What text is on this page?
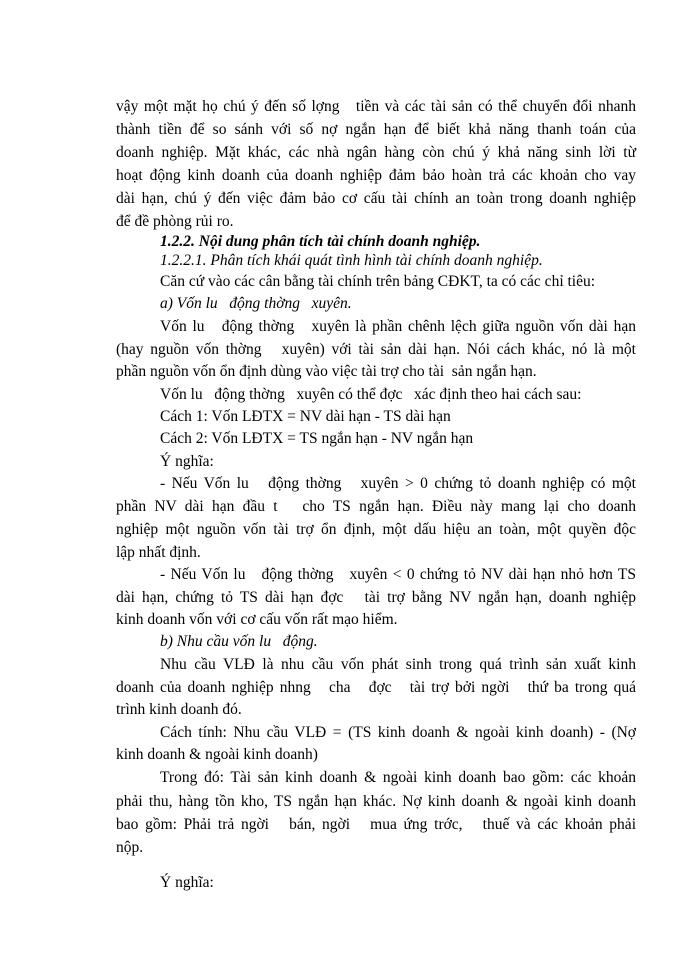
vậy một mặt họ chú ý đến số lợng   tiền và các tài sản có thể chuyển đổi nhanh
thành tiền để so sánh với số nợ ngắn hạn để biết khả năng thanh toán của
doanh nghiệp. Mặt khác, các nhà ngân hàng còn chú ý khả năng sinh lời từ
hoạt động kinh doanh của doanh nghiệp đảm bảo hoàn trả các khoản cho vay
dài hạn, chú ý đến việc đảm bảo cơ cấu tài chính an toàn trong doanh nghiệp
để đề phòng rủi ro.
1.2.2. Nội dung phân tích tài chính doanh nghiệp.
1.2.2.1. Phân tích khái quát tình hình tài chính doanh nghiệp.
Căn cứ vào các cân bằng tài chính trên bảng CĐKT, ta có các chỉ tiêu:
a) Vốn lu   động thờng   xuyên.
Vốn lu   động thờng   xuyên là phần chênh lệch giữa nguồn vốn dài hạn
(hay nguồn vốn thờng   xuyên) với tài sản dài hạn. Nói cách khác, nó là một
phần nguồn vốn ổn định dùng vào việc tài trợ cho tài  sản ngắn hạn.
Vốn lu   động thờng   xuyên có thể đợc   xác định theo hai cách sau:
Cách 1: Vốn LĐTX = NV dài hạn - TS dài hạn
Cách 2: Vốn LĐTX = TS ngắn hạn - NV ngắn hạn
Ý nghĩa:
- Nếu Vốn lu   động thờng   xuyên > 0 chứng tỏ doanh nghiệp có một
phần NV dài hạn đầu t   cho TS ngắn hạn. Điều này mang lại cho doanh
nghiệp một nguồn vốn tài trợ ổn định, một dấu hiệu an toàn, một quyền độc
lập nhất định.
- Nếu Vốn lu   động thờng   xuyên < 0 chứng tỏ NV dài hạn nhỏ hơn TS
dài hạn, chứng tỏ TS dài hạn đợc   tài trợ bằng NV ngắn hạn, doanh nghiệp
kinh doanh vốn với cơ cấu vốn rất mạo hiểm.
b) Nhu cầu vốn lu   động.
Nhu cầu VLĐ là nhu cầu vốn phát sinh trong quá trình sản xuất kinh
doanh của doanh nghiệp nhng   cha   đợc   tài trợ bởi ngời   thứ ba trong quá
trình kinh doanh đó.
Cách tính: Nhu cầu VLĐ = (TS kinh doanh & ngoài kinh doanh) - (Nợ
kinh doanh & ngoài kinh doanh)
Trong đó: Tài sản kinh doanh & ngoài kinh doanh bao gồm: các khoản
phải thu, hàng tồn kho, TS ngắn hạn khác. Nợ kinh doanh & ngoài kinh doanh
bao gồm: Phải trả ngời   bán, ngời   mua ứng trớc,   thuế và các khoản phải
nộp.
Ý nghĩa:
